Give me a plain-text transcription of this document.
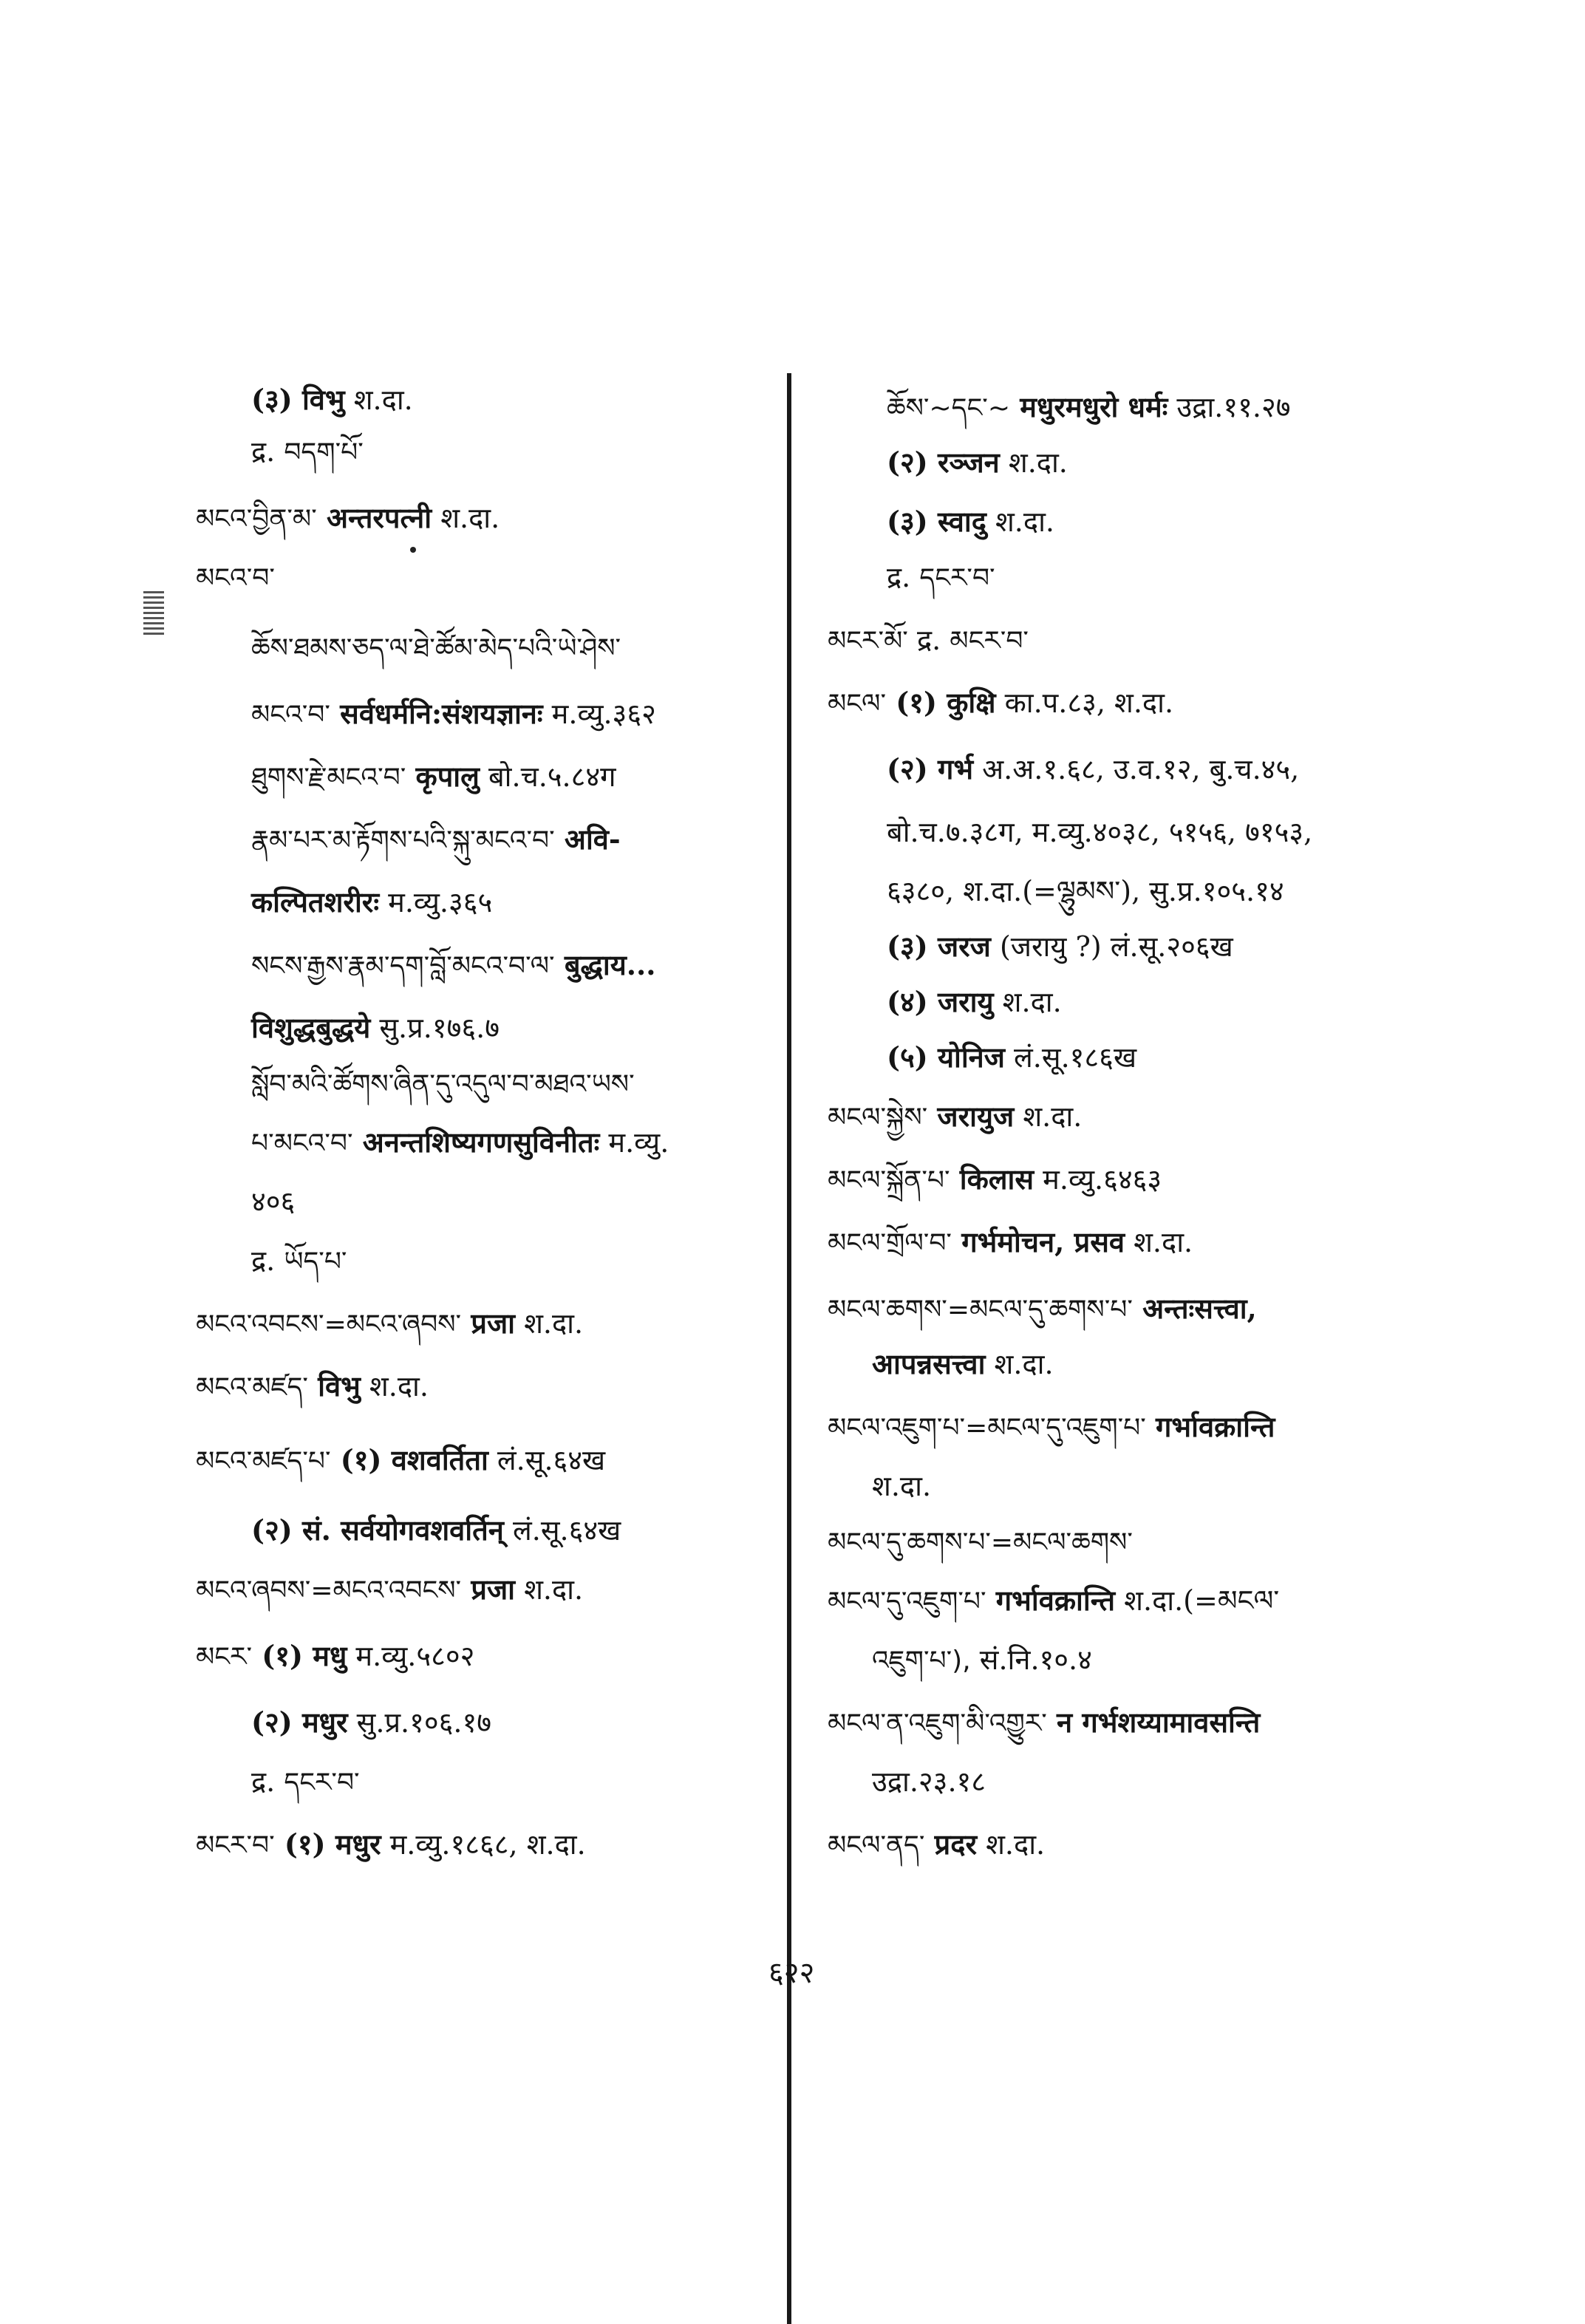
(३) विभु श.दा.
द्र. བདག་པོ་
མངའ་བྱིན་མ་ अन्तरपत्नी श.दा.
མངའ་བ་
ཆོས་ཐམས་ཅད་ལ་ཐེ་ཚོམ་མེད་པའི་ཡེ་ཤེས་
མངའ་བ་ सर्वधर्मनि:संशयज्ञानः म.व्यु.३६२
ཐུགས་རྗེ་མངའ་བ་ कृपालु बो.च.५.८४ग
རྣམ་པར་མ་རྟོགས་པའི་སྐུ་མངའ་བ་ अवि-
कल्पितशरीरः म.व्यु.३६५
སངས་རྒྱས་རྣམ་དག་བློ་མངའ་བ་ལ་ बुद्धाय...
विशुद्धबुद्धये सु.प्र.१७६.७
སློབ་མའི་ཚོགས་ཞིན་དུ་འདུལ་བ་མཐའ་ཡས་
པ་མངའ་བ་ अनन्तशिष्यगणसुविनीतः म.व्यु.
४०६
द्र. ཡོད་པ་
མངའ་འབངས་=མངའ་ཞབས་ प्रजा श.दा.
མངའ་མཛད་ विभु श.दा.
མངའ་མཛད་པ་ (१) वशवर्तिता लं.सू.६४ख
(२) सं. सर्वयोगवशवर्तिन् लं.सू.६४ख
མངའ་ཞབས་=མངའ་འབངས་ प्रजा श.दा.
མངར་ (१) मधु म.व्यु.५८०२
(२) मधुर सु.प्र.१०६.१७
द्र. དངར་བ་
མངར་བ་ (१) मधुर म.व्यु.१८६८, श.दा.
ཆོས་~དང་~ मधुरमधुरो धर्मः उद्रा.११.२७
(२) रञ्जन श.दा.
(३) स्वादु श.दा.
द्र. དངར་བ་
མངར་མོ་ द्र. མངར་བ་
མངལ་ (१) कुक्षि का.प.८३, श.दा.
(२) गर्भ अ.अ.१.६८, उ.व.१२, बु.च.४५,
बो.च.७.३८ग, म.व्यु.४०३८, ५१५६, ७१५३,
६३८०, श.दा.(=ལྷུམས་), सु.प्र.१०५.१४
(३) जरज (जरायु ?) लं.सू.२०६ख
(४) जरायु श.दा.
(५) योनिज लं.सू.१८६ख
མངལ་སྐྱེས་ जरायुज श.दा.
མངལ་སྐྲོན་པ་ किलास म.व्यु.६४६३
མངལ་གྲོལ་བ་ गर्भमोचन, प्रसव श.दा.
མངལ་ཆགས་=མངལ་དུ་ཆགས་པ་ अन्तःसत्त्वा,
आपन्नसत्त्वा श.दा.
མངལ་འཇུག་པ་=མངལ་དུ་འཇུག་པ་ गर्भावक्रान्ति
श.दा.
མངལ་དུ་ཆགས་པ་=མངལ་ཆགས་
མངལ་དུ་འཇུག་པ་ गर्भावक्रान्ति श.दा.(=མངལ་
འཇུག་པ་), सं.नि.१०.४
མངལ་ན་འཇུག་མི་འགྱུར་ न गर्भशय्यामावसन्ति
उद्रा.२३.१८
མངལ་ནད་ प्रदर श.दा.
६२२
